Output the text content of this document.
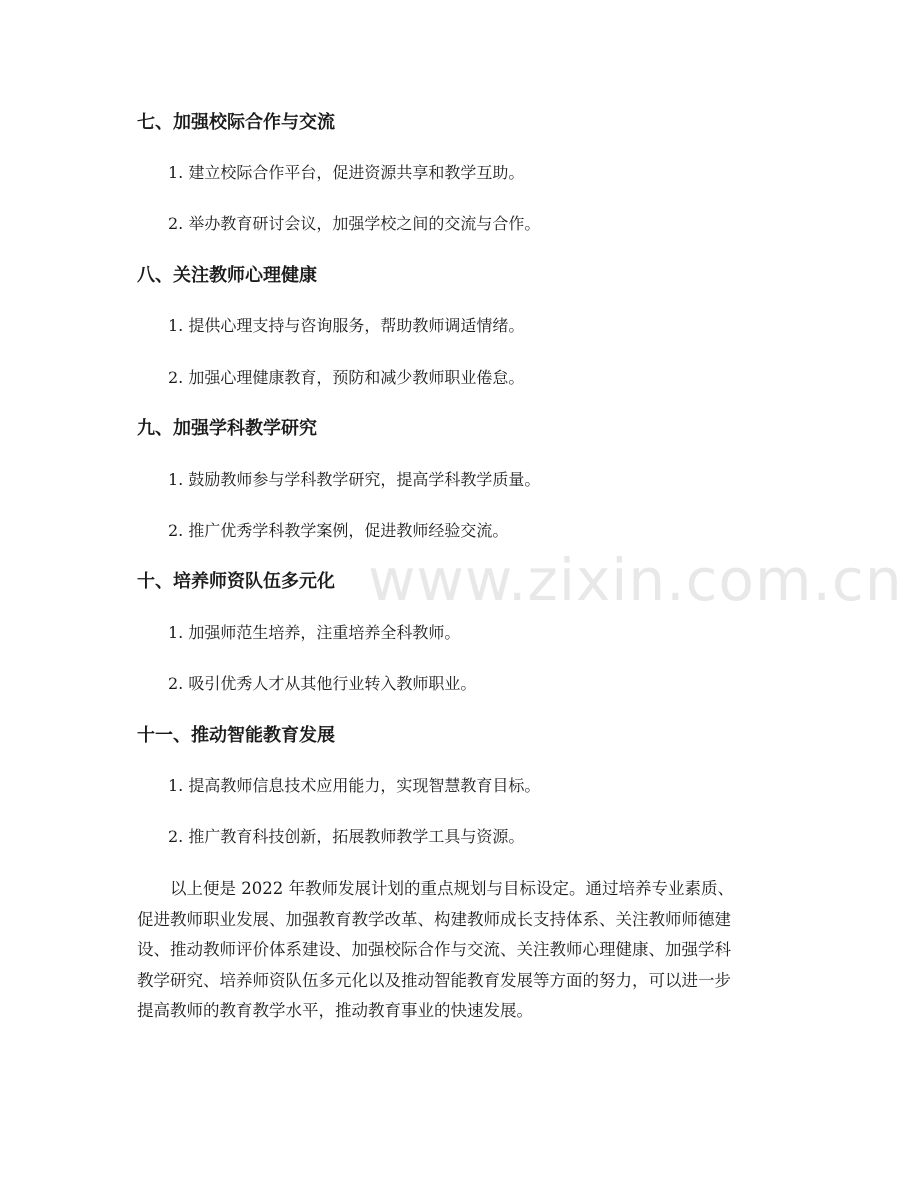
www.zixin.com.cn
七、加强校际合作与交流

1. 建立校际合作平台，促进资源共享和教学互助。

2. 举办教育研讨会议，加强学校之间的交流与合作。

八、关注教师心理健康

1. 提供心理支持与咨询服务，帮助教师调适情绪。

2. 加强心理健康教育，预防和减少教师职业倦怠。

九、加强学科教学研究

1. 鼓励教师参与学科教学研究，提高学科教学质量。

2. 推广优秀学科教学案例，促进教师经验交流。

十、培养师资队伍多元化

1. 加强师范生培养，注重培养全科教师。

2. 吸引优秀人才从其他行业转入教师职业。

十一、推动智能教育发展

1. 提高教师信息技术应用能力，实现智慧教育目标。

2. 推广教育科技创新，拓展教师教学工具与资源。

以上便是 2022 年教师发展计划的重点规划与目标设定。通过培养专业素质、
促进教师职业发展、加强教育教学改革、构建教师成长支持体系、关注教师师德建
设、推动教师评价体系建设、加强校际合作与交流、关注教师心理健康、加强学科
教学研究、培养师资队伍多元化以及推动智能教育发展等方面的努力，可以进一步
提高教师的教育教学水平，推动教育事业的快速发展。
